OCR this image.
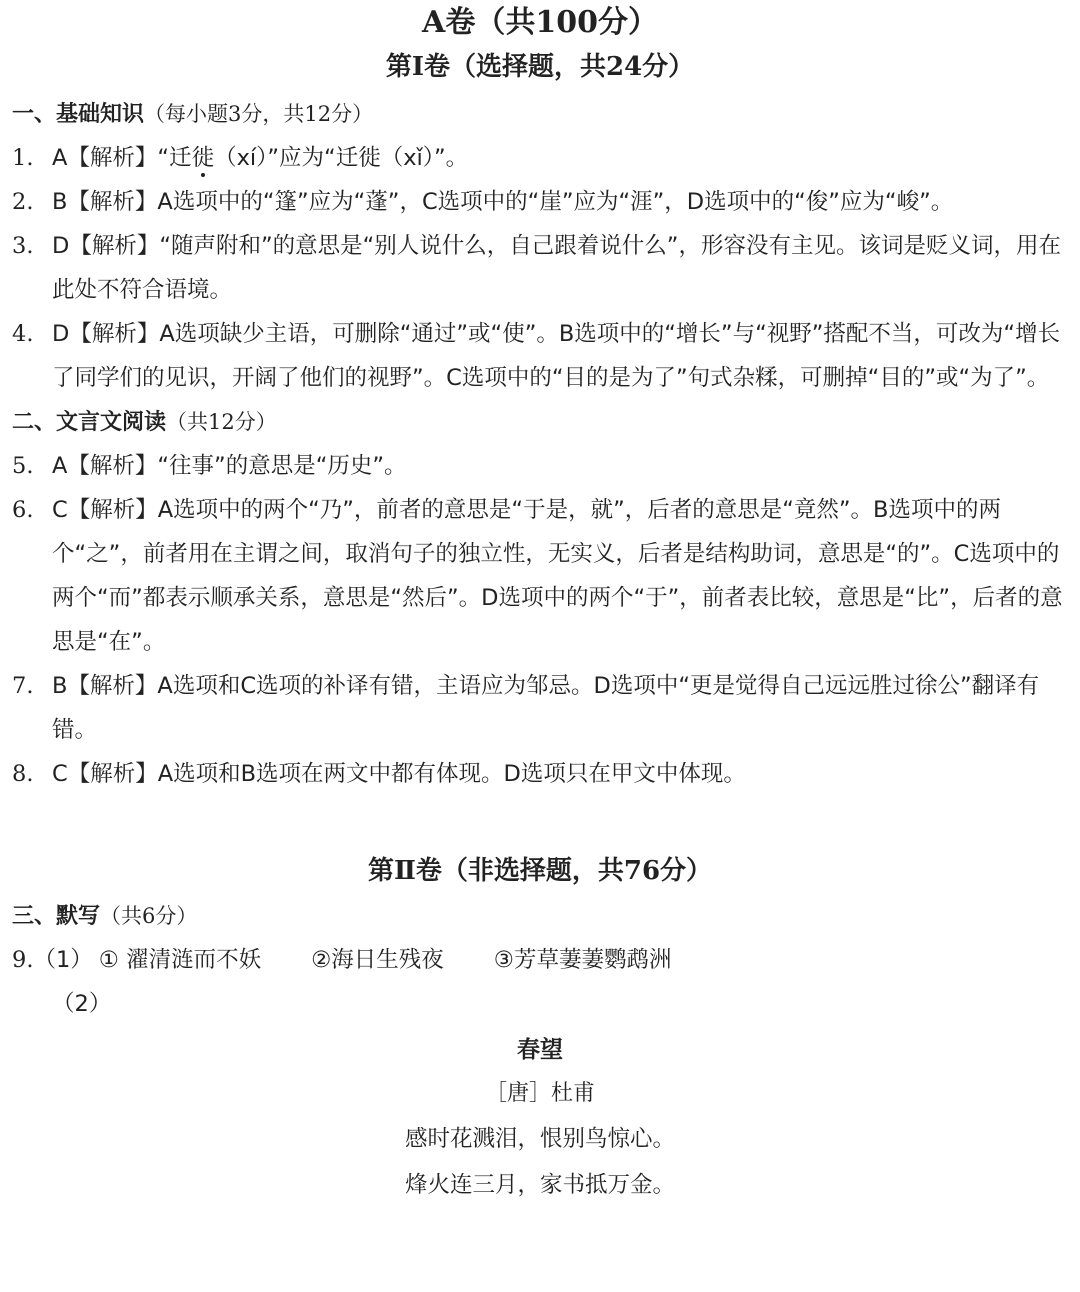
A卷（共100分）
第Ⅰ卷（选择题，共24分）
一、基础知识（每小题3分，共12分）
1. A【解析】“迁徙（xí）”应为“迁徙（xǐ）”。
2. B【解析】A选项中的“篷”应为“蓬”，C选项中的“崖”应为“涯”，D选项中的“俊”应为“峻”。
3. D【解析】“随声附和”的意思是“别人说什么，自己跟着说什么”，形容没有主见。该词是贬义词，用在此处不符合语境。
4. D【解析】A选项缺少主语，可删除“通过”或“使”。B选项中的“增长”与“视野”搭配不当，可改为“增长了同学们的见识，开阔了他们的视野”。C选项中的“目的是为了”句式杂糅，可删掉“目的”或“为了”。
二、文言文阅读（共12分）
5. A【解析】“往事”的意思是“历史”。
6. C【解析】A选项中的两个“乃”，前者的意思是“于是，就”，后者的意思是“竟然”。B选项中的两个“之”，前者用在主谓之间，取消句子的独立性，无实义，后者是结构助词，意思是“的”。C选项中的两个“而”都表示顺承关系，意思是“然后”。D选项中的两个“于”，前者表比较，意思是“比”，后者的意思是“在”。
7. B【解析】A选项和C选项的补译有错，主语应为邹忌。D选项中“更是觉得自己远远胜过徐公”翻译有错。
8. C【解析】A选项和B选项在两文中都有体现。D选项只在甲文中体现。
第Ⅱ卷（非选择题，共76分）
三、默写（共6分）
9.（1） ① 濯清涟而不妖 ②海日生残夜 ③芳草萋萋鹦鹉洲
（2）
春望
［唐］杜甫
感时花溅泪，恨别鸟惊心。
烽火连三月，家书抵万金。
